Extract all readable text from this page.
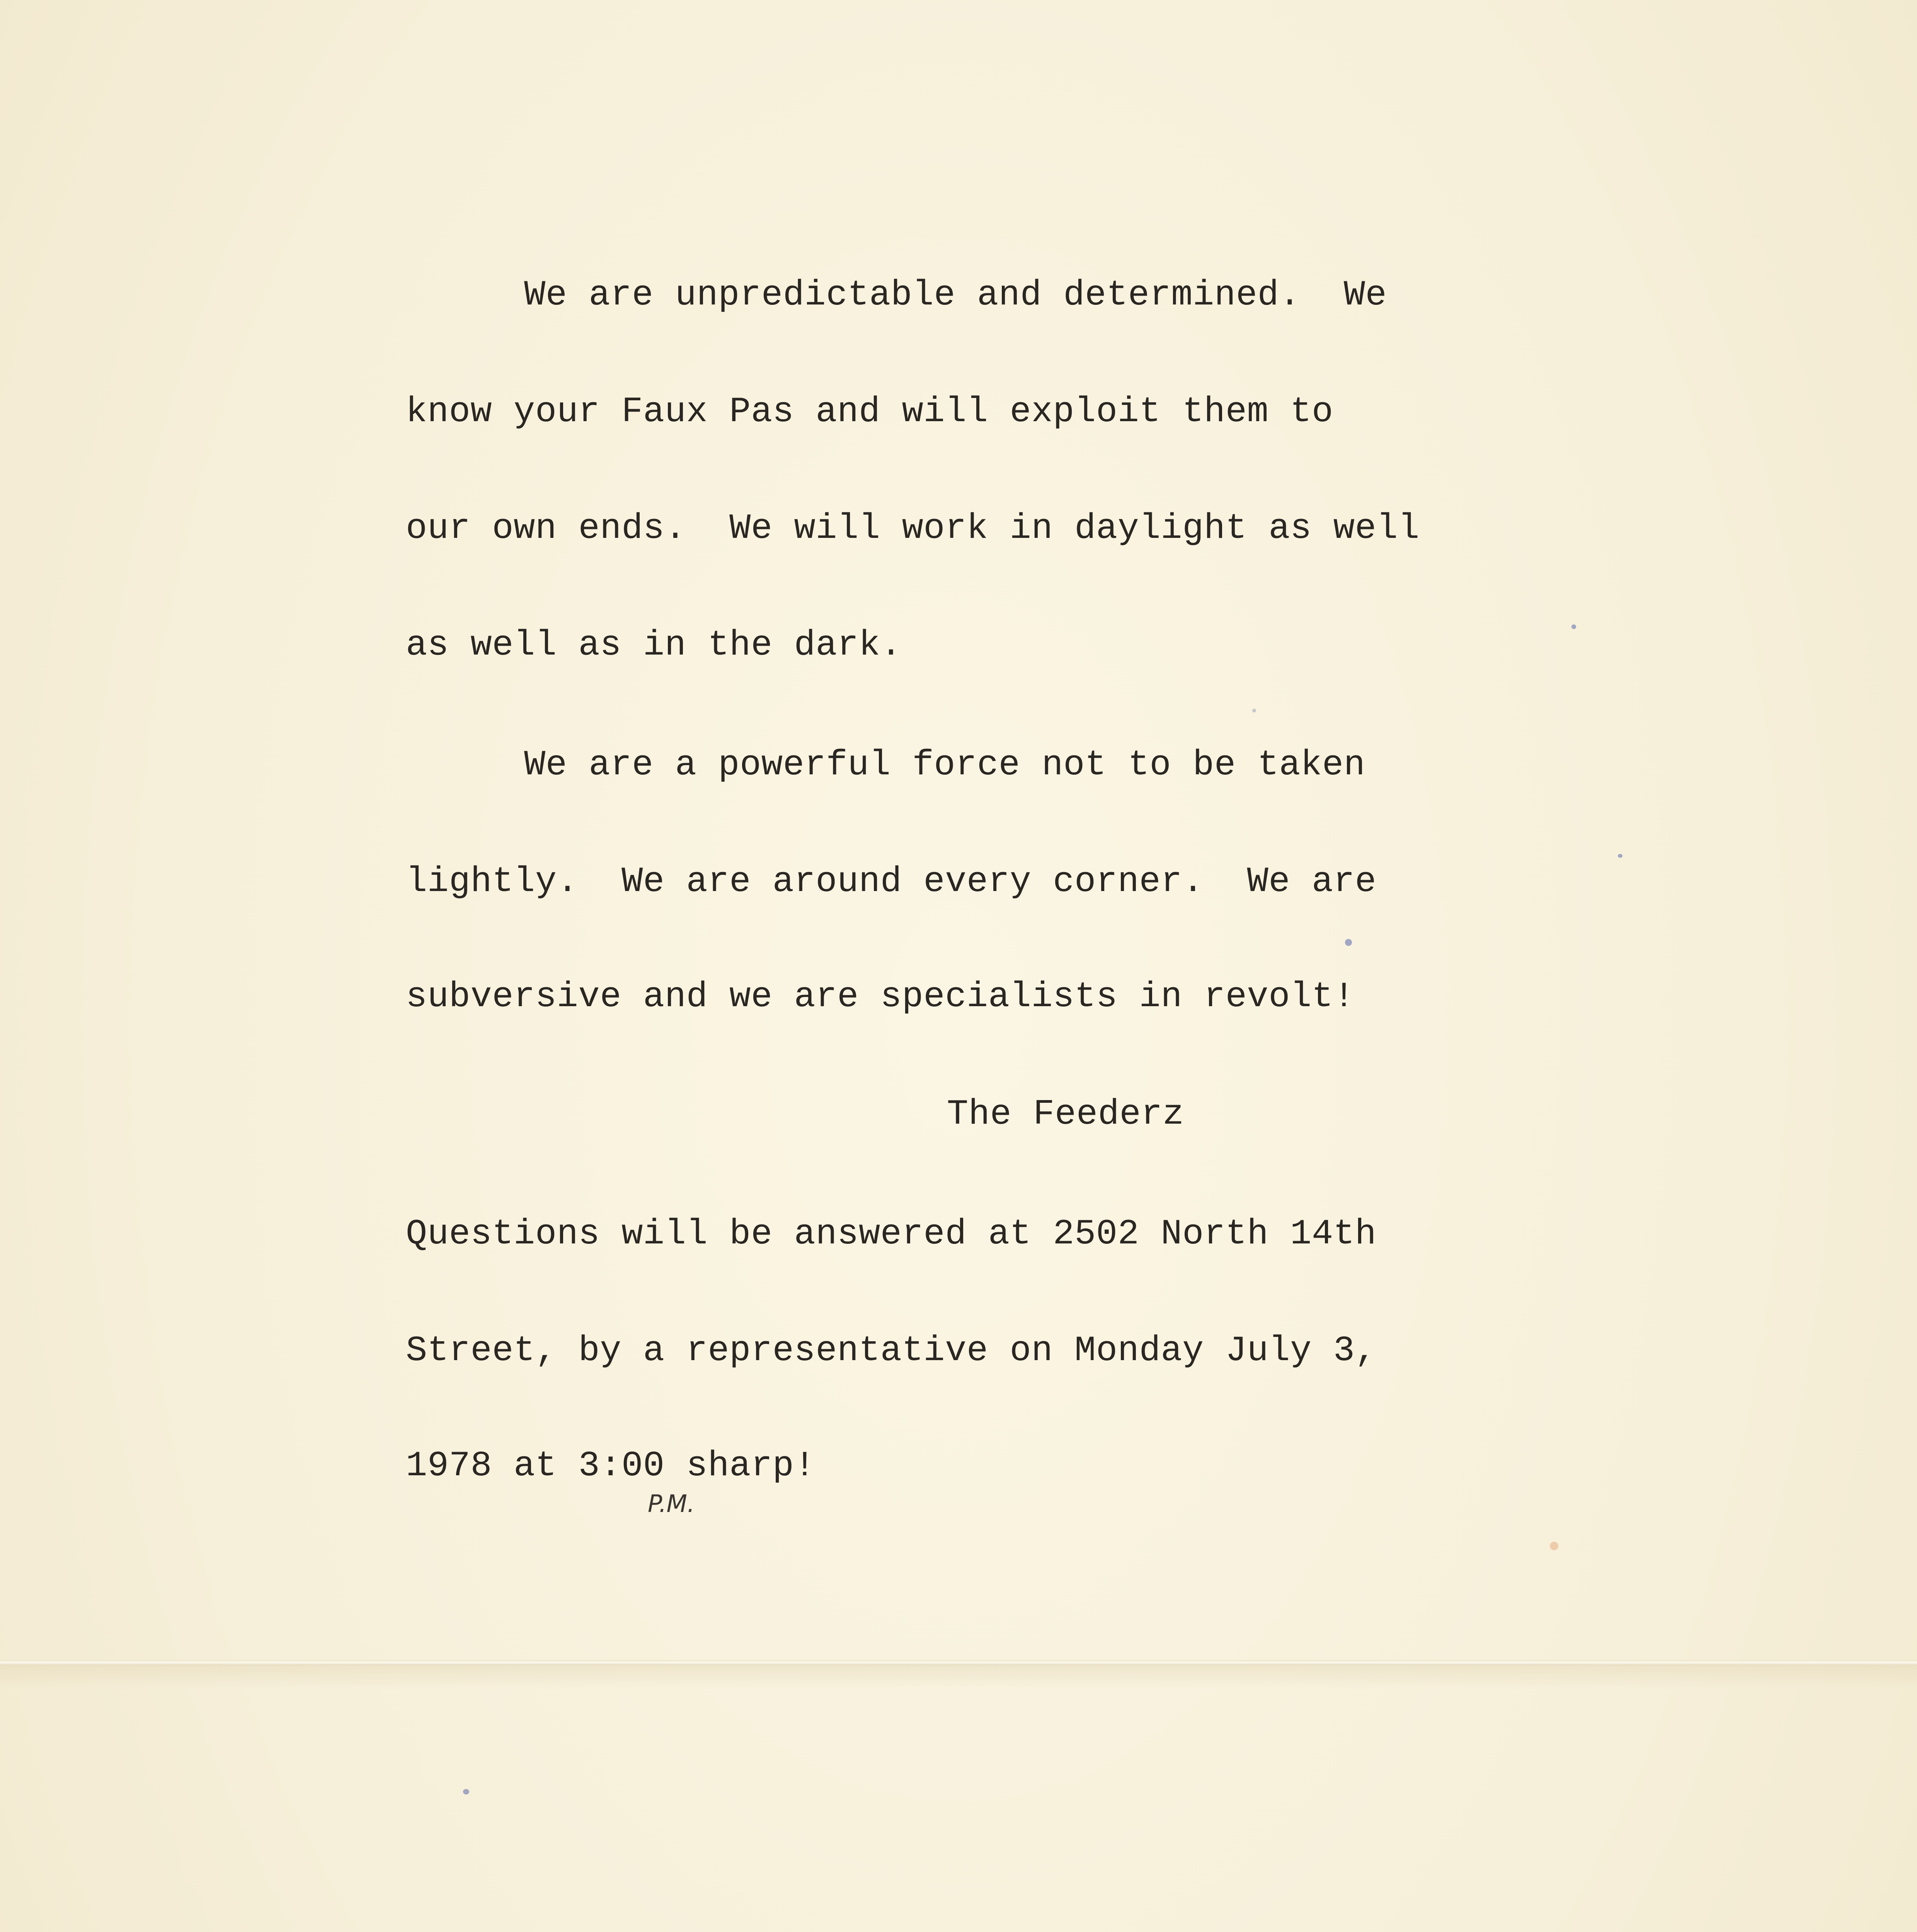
We are unpredictable and determined.  We
know your Faux Pas and will exploit them to
our own ends.  We will work in daylight as well
as well as in the dark.
We are a powerful force not to be taken
lightly.  We are around every corner.  We are
subversive and we are specialists in revolt!
The Feederz
Questions will be answered at 2502 North 14th
Street, by a representative on Monday July 3,
1978 at 3:00 sharp!
P.M.
